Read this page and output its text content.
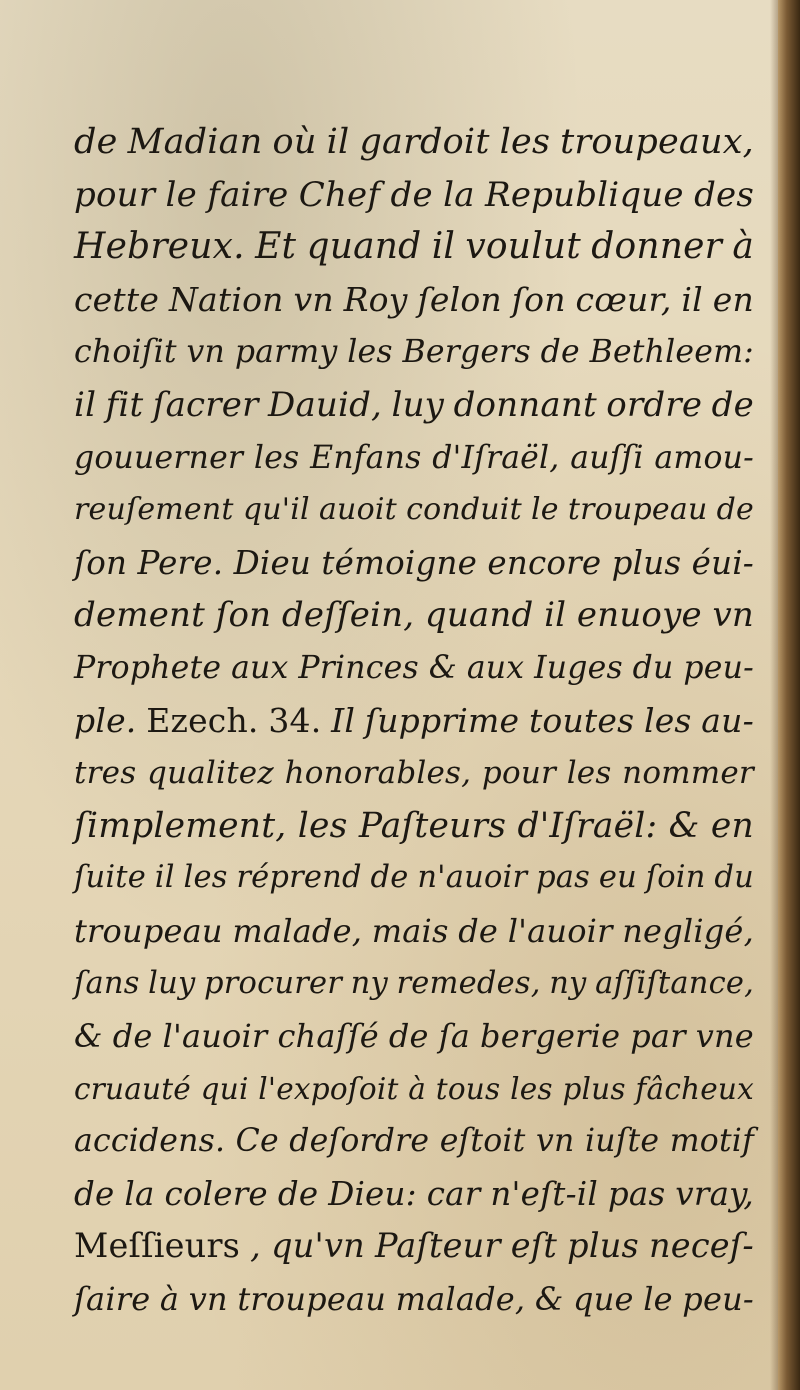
de Madian où il gardoit les troupeaux,
pour le faire Chef de la Republique des
Hebreux. Et quand il voulut donner à
cette Nation vn Roy ſelon ſon cœur, il en
choiſit vn parmy les Bergers de Bethleem:
il fit ſacrer Dauid, luy donnant ordre de
gouuerner les Enfans d'Iſraël, auſſi amou-
reuſement qu'il auoit conduit le troupeau de
ſon Pere. Dieu témoigne encore plus éui-
dement ſon deſſein, quand il enuoye vn
Prophete aux Princes & aux Iuges du peu-
ple. Ezech. 34. Il ſupprime toutes les au-
tres qualitez honorables, pour les nommer
ſimplement, les Paſteurs d'Iſraël: & en
ſuite il les réprend de n'auoir pas eu ſoin du
troupeau malade, mais de l'auoir negligé,
ſans luy procurer ny remedes, ny aſſiſtance,
& de l'auoir chaſſé de ſa bergerie par vne
cruauté qui l'expoſoit à tous les plus fâcheux
accidens. Ce deſordre eſtoit vn iuſte motif
de la colere de Dieu: car n'eſt-il pas vray,
Meſſieurs , qu'vn Paſteur eſt plus neceſ-
ſaire à vn troupeau malade, & que le peu-
